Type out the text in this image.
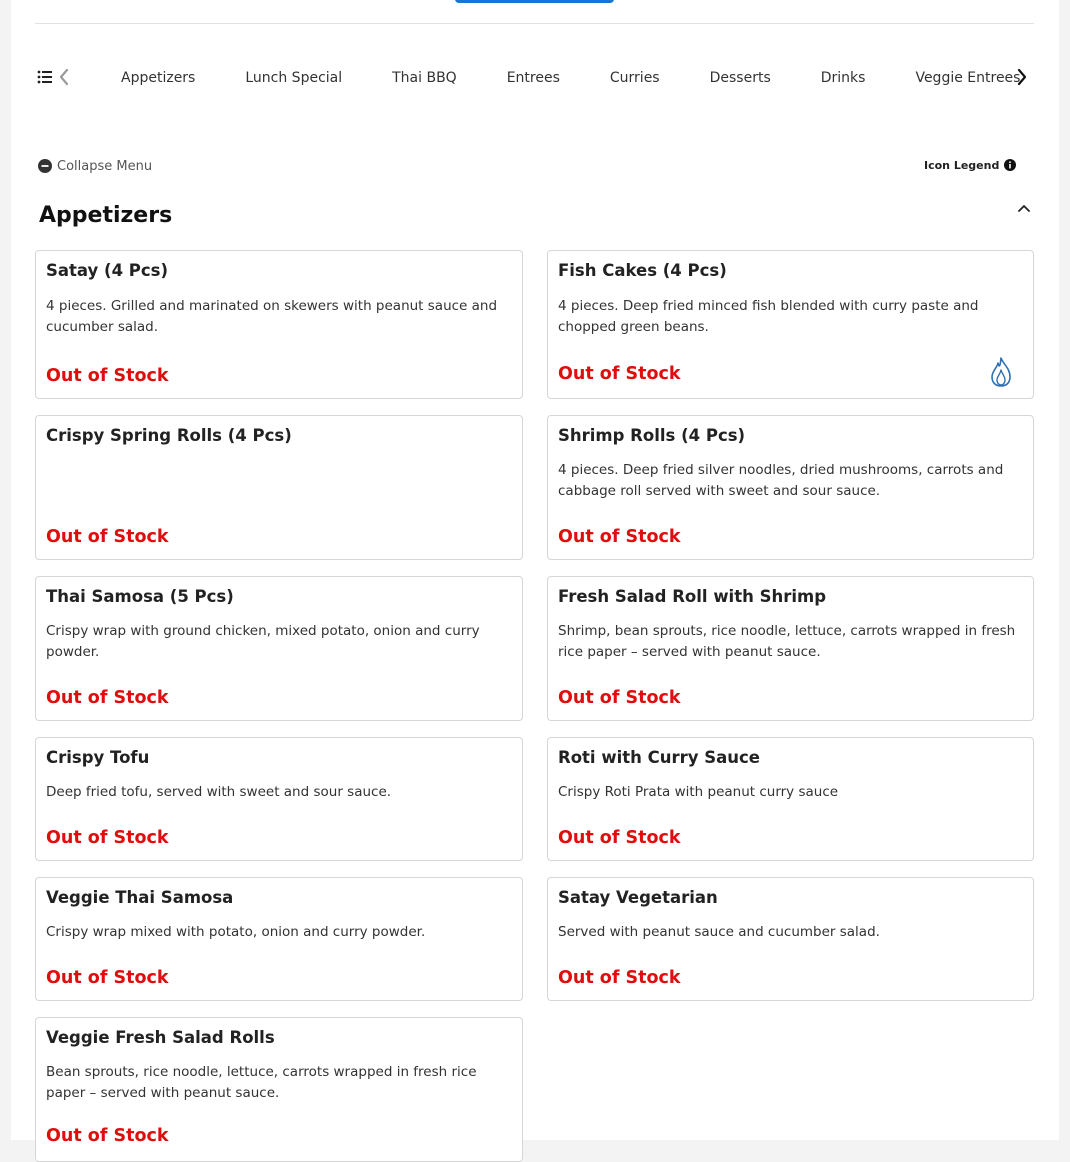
Appetizers	Lunch Special	Thai BBQ	Entrees	Curries	Desserts	Drinks	Veggie Entrees
Collapse Menu	Icon Legend
Appetizers
Satay (4 Pcs)
4 pieces. Grilled and marinated on skewers with peanut sauce and cucumber salad.
Out of Stock
Fish Cakes (4 Pcs)
4 pieces. Deep fried minced fish blended with curry paste and chopped green beans.
Out of Stock
Crispy Spring Rolls (4 Pcs)
Out of Stock
Shrimp Rolls (4 Pcs)
4 pieces. Deep fried silver noodles, dried mushrooms, carrots and cabbage roll served with sweet and sour sauce.
Out of Stock
Thai Samosa (5 Pcs)
Crispy wrap with ground chicken, mixed potato, onion and curry powder.
Out of Stock
Fresh Salad Roll with Shrimp
Shrimp, bean sprouts, rice noodle, lettuce, carrots wrapped in fresh rice paper – served with peanut sauce.
Out of Stock
Crispy Tofu
Deep fried tofu, served with sweet and sour sauce.
Out of Stock
Roti with Curry Sauce
Crispy Roti Prata with peanut curry sauce
Out of Stock
Veggie Thai Samosa
Crispy wrap mixed with potato, onion and curry powder.
Out of Stock
Satay Vegetarian
Served with peanut sauce and cucumber salad.
Out of Stock
Veggie Fresh Salad Rolls
Bean sprouts, rice noodle, lettuce, carrots wrapped in fresh rice paper – served with peanut sauce.
Out of Stock
